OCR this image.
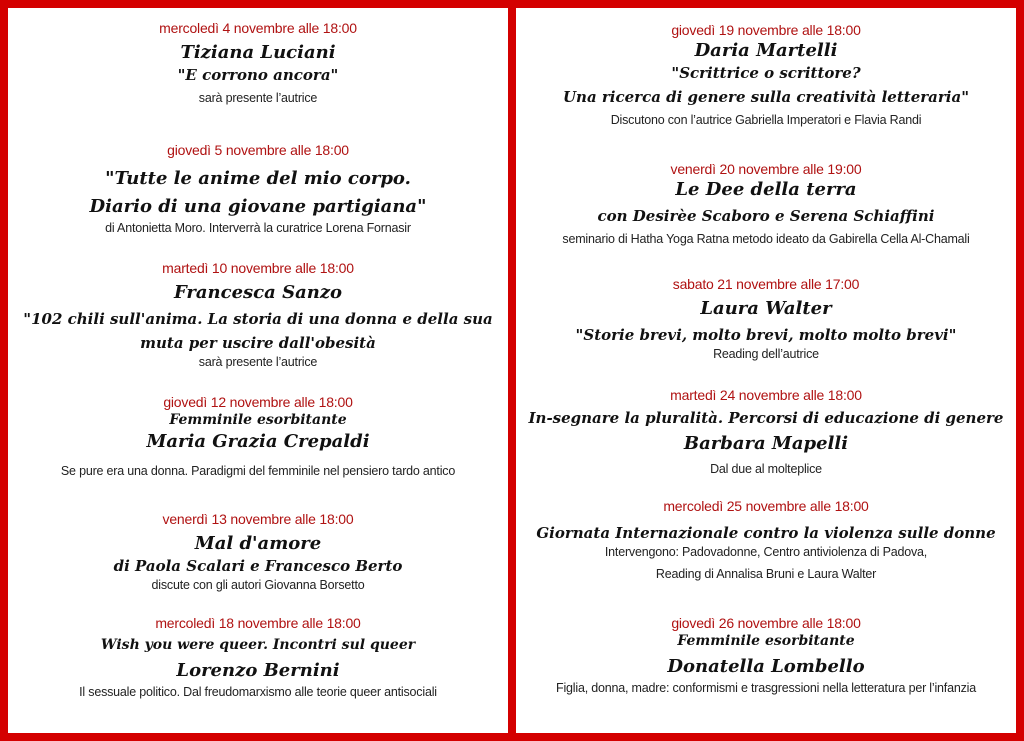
mercoledì 4 novembre alle 18:00
Tiziana Luciani
"E corrono ancora"
sarà presente l’autrice
giovedì 5 novembre alle 18:00
"Tutte le anime del mio corpo.
Diario di una giovane partigiana"
di Antonietta Moro. Interverrà la curatrice Lorena Fornasir
martedì 10 novembre alle 18:00
Francesca Sanzo
"102 chili sull'anima. La storia di una donna e della sua
muta per uscire dall'obesità
sarà presente l’autrice
giovedì 12 novembre alle 18:00
Femminile esorbitante
Maria Grazia Crepaldi
Se pure era una donna. Paradigmi del femminile nel pensiero tardo antico
venerdì 13 novembre alle 18:00
Mal d'amore
di Paola Scalari e Francesco Berto
discute con gli autori Giovanna Borsetto
mercoledì 18 novembre alle 18:00
Wish you were queer. Incontri sul queer
Lorenzo Bernini
Il sessuale politico. Dal freudomarxismo alle teorie queer antisociali
giovedì 19 novembre alle 18:00
Daria Martelli
"Scrittrice o scrittore?
Una ricerca di genere sulla creatività letteraria"
Discutono con l’autrice Gabriella Imperatori e Flavia Randi
venerdì 20 novembre alle 19:00
Le Dee della terra
con Desirèe Scaboro e Serena Schiaffini
seminario di Hatha Yoga Ratna metodo ideato da Gabirella Cella Al-Chamali
sabato 21 novembre alle 17:00
Laura Walter
"Storie brevi, molto brevi, molto molto brevi"
Reading dell’autrice
martedì 24 novembre alle 18:00
In-segnare la pluralità. Percorsi di educazione di genere
Barbara Mapelli
Dal due al molteplice
mercoledì 25 novembre alle 18:00
Giornata Internazionale contro la violenza sulle donne
Intervengono: Padovadonne, Centro antiviolenza di Padova,
Reading di Annalisa Bruni e Laura Walter
giovedì 26 novembre alle 18:00
Femminile esorbitante
Donatella Lombello
Figlia, donna, madre: conformismi e trasgressioni nella letteratura per l’infanzia
